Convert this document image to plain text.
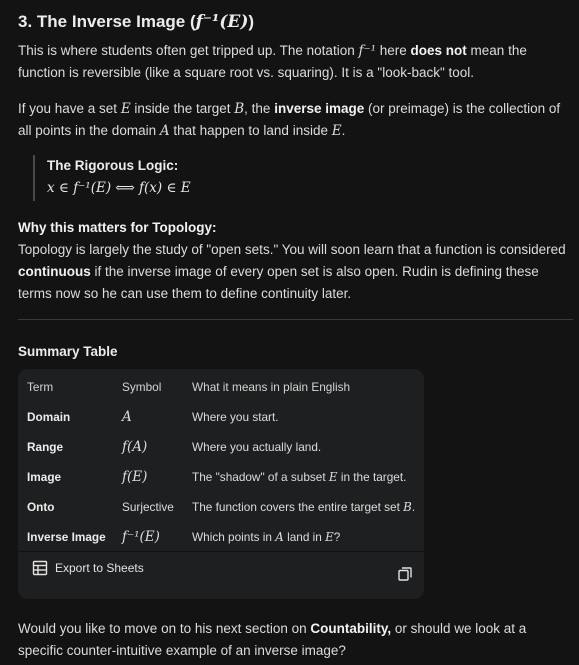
3. The Inverse Image (f⁻¹(E))

This is where students often get tripped up. The notation f⁻¹ here does not mean the function is reversible (like a square root vs. squaring). It is a "look-back" tool.

If you have a set E inside the target B, the inverse image (or preimage) is the collection of all points in the domain A that happen to land inside E.

The Rigorous Logic:
x ∈ f⁻¹(E) ⟺ f(x) ∈ E

Why this matters for Topology:
Topology is largely the study of "open sets." You will soon learn that a function is considered continuous if the inverse image of every open set is also open. Rudin is defining these terms now so he can use them to define continuity later.

Summary Table
Term	Symbol	What it means in plain English
Domain	A	Where you start.
Range	f(A)	Where you actually land.
Image	f(E)	The "shadow" of a subset E in the target.
Onto	Surjective	The function covers the entire target set B.
Inverse Image	f⁻¹(E)	Which points in A land in E?
Export to Sheets

Would you like to move on to his next section on Countability, or should we look at a specific counter-intuitive example of an inverse image?
